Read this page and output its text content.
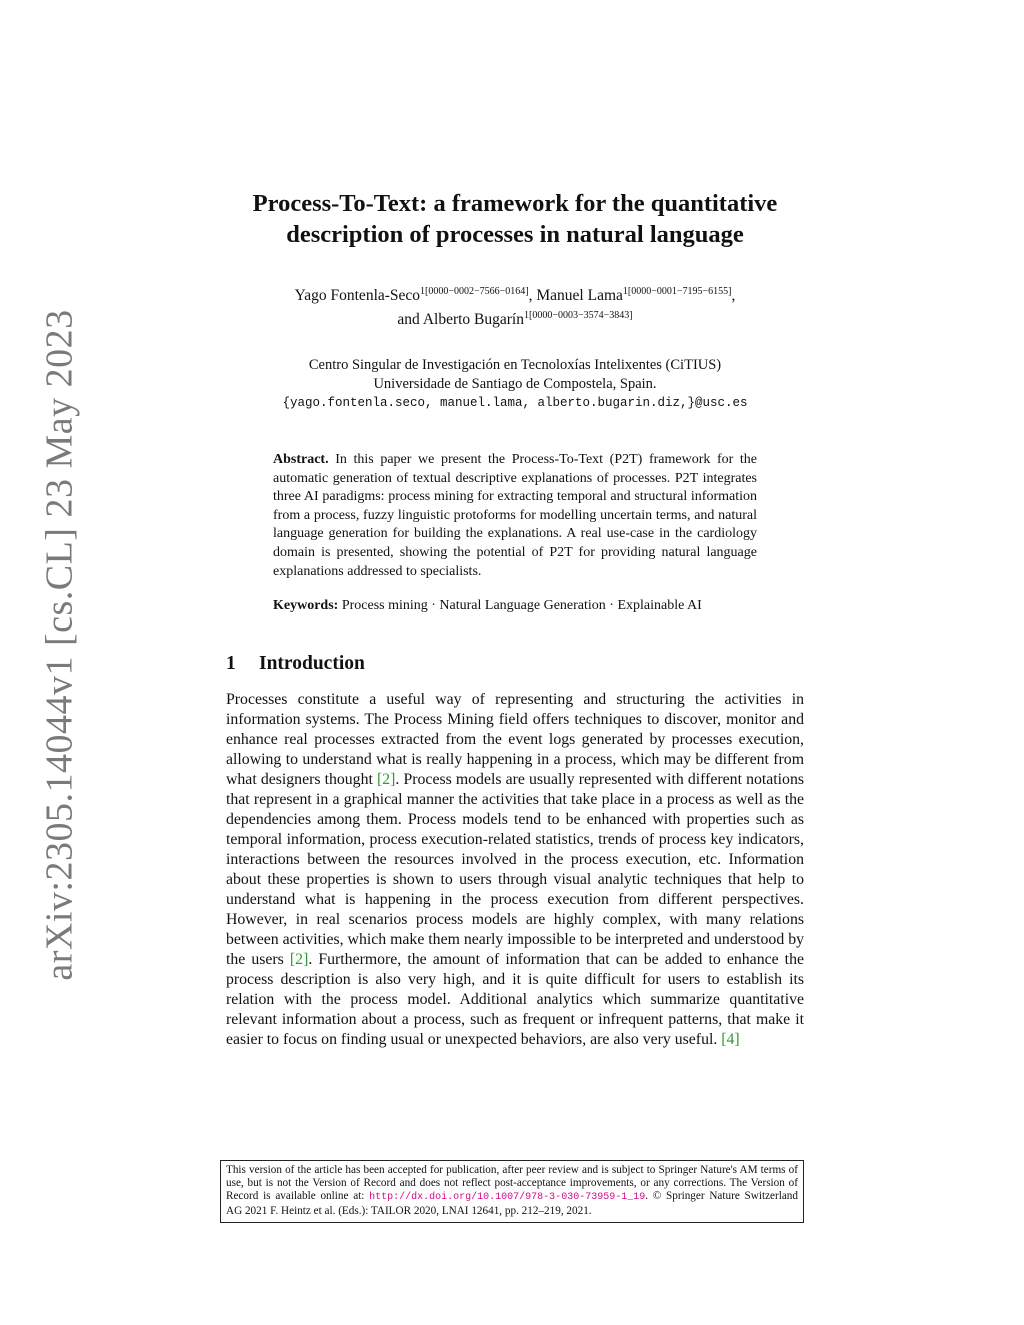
arXiv:2305.14044v1 [cs.CL] 23 May 2023
Process-To-Text: a framework for the quantitative
description of processes in natural language
Yago Fontenla-Seco$^{1[0000-0002-7566-0164]}$, Manuel Lama$^{1[0000-0001-7195-6155]}$,
and Alberto Bugarín$^{1[0000-0003-3574-3843]}$
Centro Singular de Investigación en Tecnoloxías Intelixentes (CiTIUS)
Universidade de Santiago de Compostela, Spain.
{yago.fontenla.seco, manuel.lama, alberto.bugarin.diz,}@usc.es
Abstract. In this paper we present the Process-To-Text (P2T) framework for the automatic generation of textual descriptive explanations of processes. P2T integrates three AI paradigms: process mining for extracting temporal and structural information from a process, fuzzy linguistic protoforms for modelling uncertain terms, and natural language generation for building the explanations. A real use-case in the cardiology domain is presented, showing the potential of P2T for providing natural language explanations addressed to specialists.
Keywords: Process mining · Natural Language Generation · Explainable AI
1 Introduction
Processes constitute a useful way of representing and structuring the activities in information systems. The Process Mining field offers techniques to discover, monitor and enhance real processes extracted from the event logs generated by processes execution, allowing to understand what is really happening in a process, which may be different from what designers thought [2]. Process models are usually represented with different notations that represent in a graphical manner the activities that take place in a process as well as the dependencies among them. Process models tend to be enhanced with properties such as temporal information, process execution-related statistics, trends of process key indicators, interactions between the resources involved in the process execution, etc. Information about these properties is shown to users through visual analytic techniques that help to understand what is happening in the process execution from different perspectives. However, in real scenarios process models are highly complex, with many relations between activities, which make them nearly impossible to be interpreted and understood by the users [2]. Furthermore, the amount of information that can be added to enhance the process description is also very high, and it is quite difficult for users to establish its relation with the process model. Additional analytics which summarize quantitative relevant information about a process, such as frequent or infrequent patterns, that make it easier to focus on finding usual or unexpected behaviors, are also very useful. [4]
This version of the article has been accepted for publication, after peer review and is subject to Springer Nature's AM terms of use, but is not the Version of Record and does not reflect post-acceptance improvements, or any corrections. The Version of Record is available online at: http://dx.doi.org/10.1007/978-3-030-73959-1_19. © Springer Nature Switzerland AG 2021 F. Heintz et al. (Eds.): TAILOR 2020, LNAI 12641, pp. 212–219, 2021.
